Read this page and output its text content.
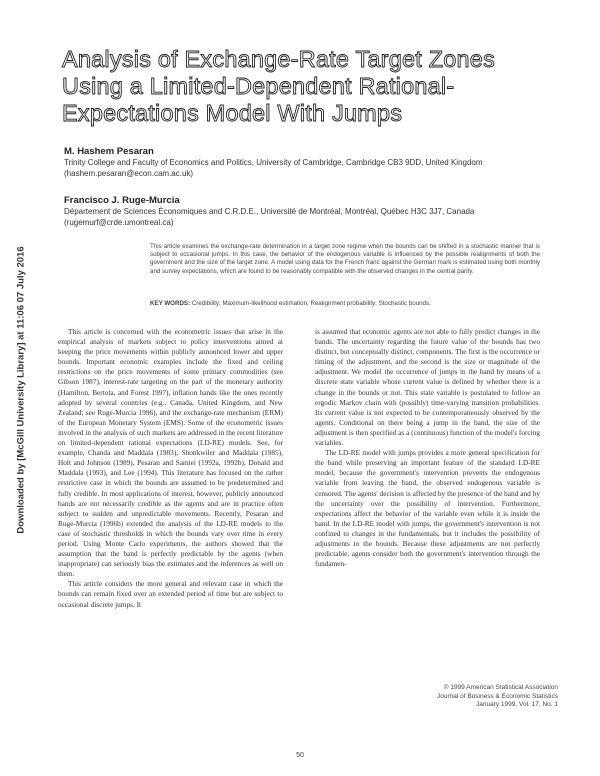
Downloaded by [McGill University Library] at 11:06 07 July 2016
Analysis of Exchange-Rate Target Zones Using a Limited-Dependent Rational-Expectations Model With Jumps
M. Hashem Pesaran
Trinity College and Faculty of Economics and Politics, University of Cambridge, Cambridge CB3 9DD, United Kingdom (hashem.pesaran@econ.cam.ac.uk)
Francisco J. Ruge-Murcia
Département de Sciences Économiques and C.R.D.E., Université de Montréal, Montréal, Québec H3C 3J7, Canada (rugemurf@crde.umontreal.ca)
This article examines the exchange-rate determination in a target zone regime when the bounds can be shifted in a stochastic manner that is subject to occasional jumps. In this case, the behavior of the endogenous variable is influenced by the possible realignments of both the government and the size of the target zone. A model using data for the French franc against the German mark is estimated using both monthly and survey expectations, which are found to be reasonably compatible with the observed changes in the central parity.
KEY WORDS: Credibility; Maximum-likelihood estimation; Realignment probability; Stochastic bounds.

This article is concerned with the econometric issues that arise in the empirical analysis of markets subject to policy interventions aimed at keeping the price movements within publicly announced lower and upper bounds. Important economic examples include the fixed and ceiling restrictions on the price movements of some primary commodities (see Gibson 1987), interest-rate targeting on the part of the monetary authority (Hamilton, Bertola, and Forest 1997), inflation bands like the ones recently adopted by several countries (e.g., Canada, United Kingdom, and New Zealand; see Ruge-Murcia 1996), and the exchange-rate mechanism (ERM) of the European Monetary System (EMS). Some of the econometric issues involved in the analysis of such markets are addressed in the recent literature on limited-dependent rational expectations (LD-RE) models. See, for example, Chanda and Maddala (1983), Shonkwiler and Maddala (1985), Holt and Johnson (1989), Pesaran and Samiei (1992a, 1992b), Donald and Maddala (1993), and Lee (1994). This literature has focused on the rather restrictive case in which the bounds are assumed to be predetermined and fully credible. In most applications of interest, however, publicly announced bands are not necessarily credible as the agents and are in practice often subject to sudden and unpredictable movements. Recently, Pesaran and Ruge-Murcia (1996b) extended the analysis of the LD-RE models to the case of stochastic thresholds in which the bounds vary over time in every period. Using Monte Carlo experiments, the authors showed that the assumption that the band is perfectly predictable by the agents (when inappropriate) can seriously bias the estimates and the inferences as well on them.

This article considers the more general and relevant case in which the bounds can remain fixed over an extended period of time but are subject to occasional discrete jumps. It

is assumed that economic agents are not able to fully predict changes in the bands. The uncertainty regarding the future value of the bounds has two distinct, but conceptually distinct, components. The first is the occurrence or timing of the adjustment, and the second is the size or magnitude of the adjustment. We model the occurrence of jumps in the band by means of a discrete state variable whose current value is defined by whether there is a change in the bounds or not. This state variable is postulated to follow an ergodic Markov chain with (possibly) time-varying transition probabilities. Its current value is not expected to be contemporaneously observed by the agents. Conditional on there being a jump in the band, the size of the adjustment is then specified as a (continuous) function of the model's forcing variables.

The LD-RE model with jumps provides a more general specification for the band while preserving an important feature of the standard LD-RE model, because the government's intervention prevents the endogenous variable from leaving the band, the observed endogenous variable is censored. The agents' decision is affected by the presence of the band and by the uncertainty over the possibility of intervention. Furthermore, expectations affect the behavior of the variable even while it is inside the band. In the LD-RE model with jumps, the government's intervention is not confined to changes in the fundamentals, but it includes the possibility of adjustments to the bounds. Because these adjustments are not perfectly predictable, agents consider both the government's intervention through the fundamen-

© 1999 American Statistical Association
Journal of Business & Economic Statistics
January 1999, Vol. 17, No. 1
50
